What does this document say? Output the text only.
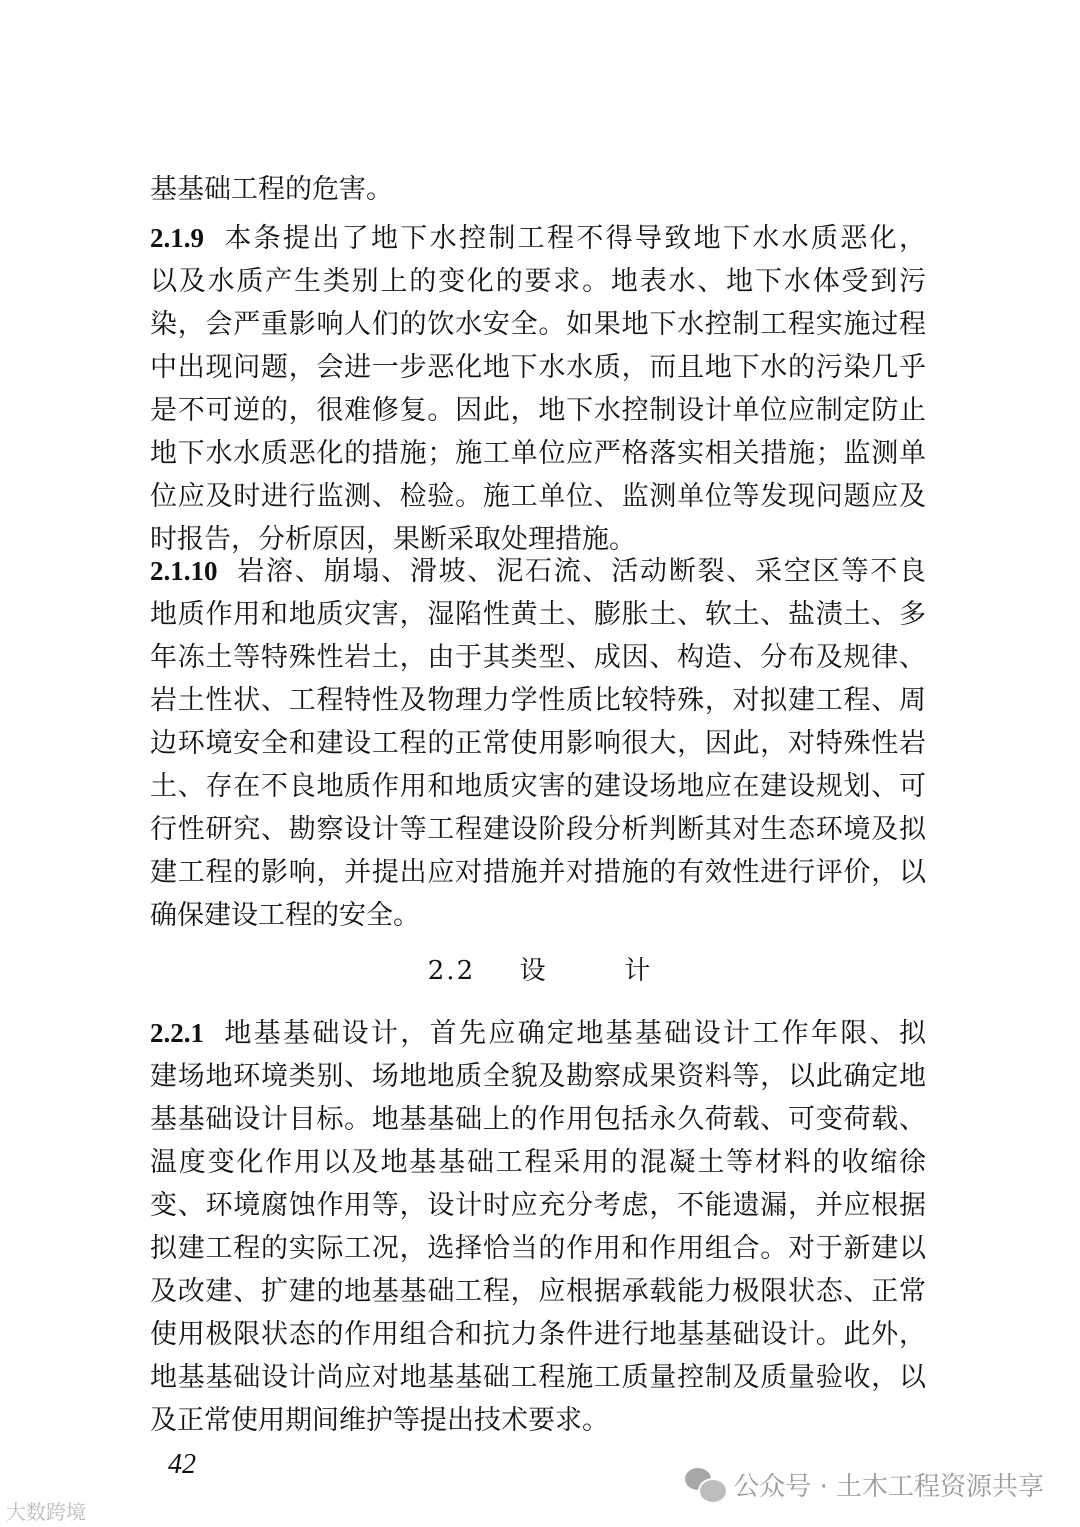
基基础工程的危害。
2.1.9 本条提出了地下水控制工程不得导致地下水水质恶化，
以及水质产生类别上的变化的要求。地表水、地下水体受到污
染，会严重影响人们的饮水安全。如果地下水控制工程实施过程
中出现问题，会进一步恶化地下水水质，而且地下水的污染几乎
是不可逆的，很难修复。因此，地下水控制设计单位应制定防止
地下水水质恶化的措施；施工单位应严格落实相关措施；监测单
位应及时进行监测、检验。施工单位、监测单位等发现问题应及
时报告，分析原因，果断采取处理措施。
2.1.10 岩溶、崩塌、滑坡、泥石流、活动断裂、采空区等不良
地质作用和地质灾害，湿陷性黄土、膨胀土、软土、盐渍土、多
年冻土等特殊性岩土，由于其类型、成因、构造、分布及规律、
岩土性状、工程特性及物理力学性质比较特殊，对拟建工程、周
边环境安全和建设工程的正常使用影响很大，因此，对特殊性岩
土、存在不良地质作用和地质灾害的建设场地应在建设规划、可
行性研究、勘察设计等工程建设阶段分析判断其对生态环境及拟
建工程的影响，并提出应对措施并对措施的有效性进行评价，以
确保建设工程的安全。
2.2 设	计
2.2.1 地基基础设计，首先应确定地基基础设计工作年限、拟
建场地环境类别、场地地质全貌及勘察成果资料等，以此确定地
基基础设计目标。地基基础上的作用包括永久荷载、可变荷载、
温度变化作用以及地基基础工程采用的混凝土等材料的收缩徐
变、环境腐蚀作用等，设计时应充分考虑，不能遗漏，并应根据
拟建工程的实际工况，选择恰当的作用和作用组合。对于新建以
及改建、扩建的地基基础工程，应根据承载能力极限状态、正常
使用极限状态的作用组合和抗力条件进行地基基础设计。此外，
地基基础设计尚应对地基基础工程施工质量控制及质量验收，以
及正常使用期间维护等提出技术要求。
42
公众号 · 土木工程资源共享
大数跨境
